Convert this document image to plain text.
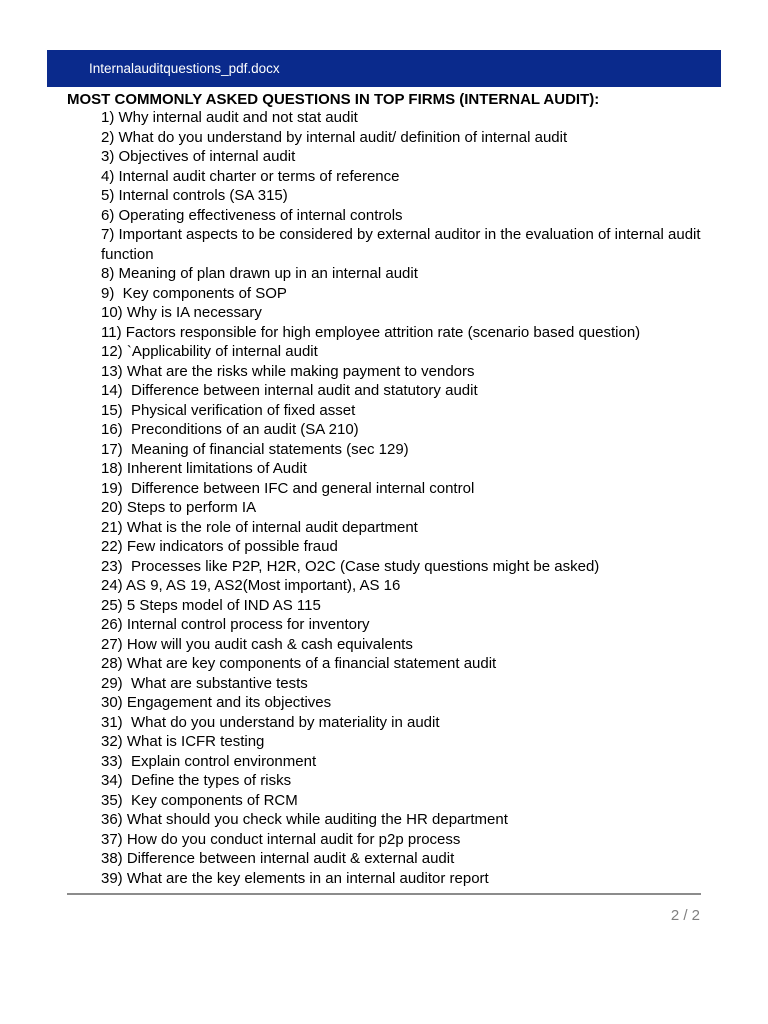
Internalauditquestions_pdf.docx
MOST COMMONLY ASKED QUESTIONS IN TOP FIRMS (INTERNAL AUDIT):
1) Why internal audit and not stat audit
2) What do you understand by internal audit/ definition of internal audit
3) Objectives of internal audit
4) Internal audit charter or terms of reference
5) Internal controls (SA 315)
6) Operating effectiveness of internal controls
7) Important aspects to be considered by external auditor in the evaluation of internal audit function
8) Meaning of plan drawn up in an internal audit
9)  Key components of SOP
10) Why is IA necessary
11) Factors responsible for high employee attrition rate (scenario based question)
12) `Applicability of internal audit
13) What are the risks while making payment to vendors
14)  Difference between internal audit and statutory audit
15)  Physical verification of fixed asset
16)  Preconditions of an audit (SA 210)
17)  Meaning of financial statements (sec 129)
18) Inherent limitations of Audit
19)  Difference between IFC and general internal control
20) Steps to perform IA
21) What is the role of internal audit department
22) Few indicators of possible fraud
23)  Processes like P2P, H2R, O2C (Case study questions might be asked)
24) AS 9, AS 19, AS2(Most important), AS 16
25) 5 Steps model of IND AS 115
26) Internal control process for inventory
27) How will you audit cash & cash equivalents
28) What are key components of a financial statement audit
29)  What are substantive tests
30) Engagement and its objectives
31)  What do you understand by materiality in audit
32) What is ICFR testing
33)  Explain control environment
34)  Define the types of risks
35)  Key components of RCM
36) What should you check while auditing the HR department
37) How do you conduct internal audit for p2p process
38) Difference between internal audit & external audit
39) What are the key elements in an internal auditor report
2 / 2
